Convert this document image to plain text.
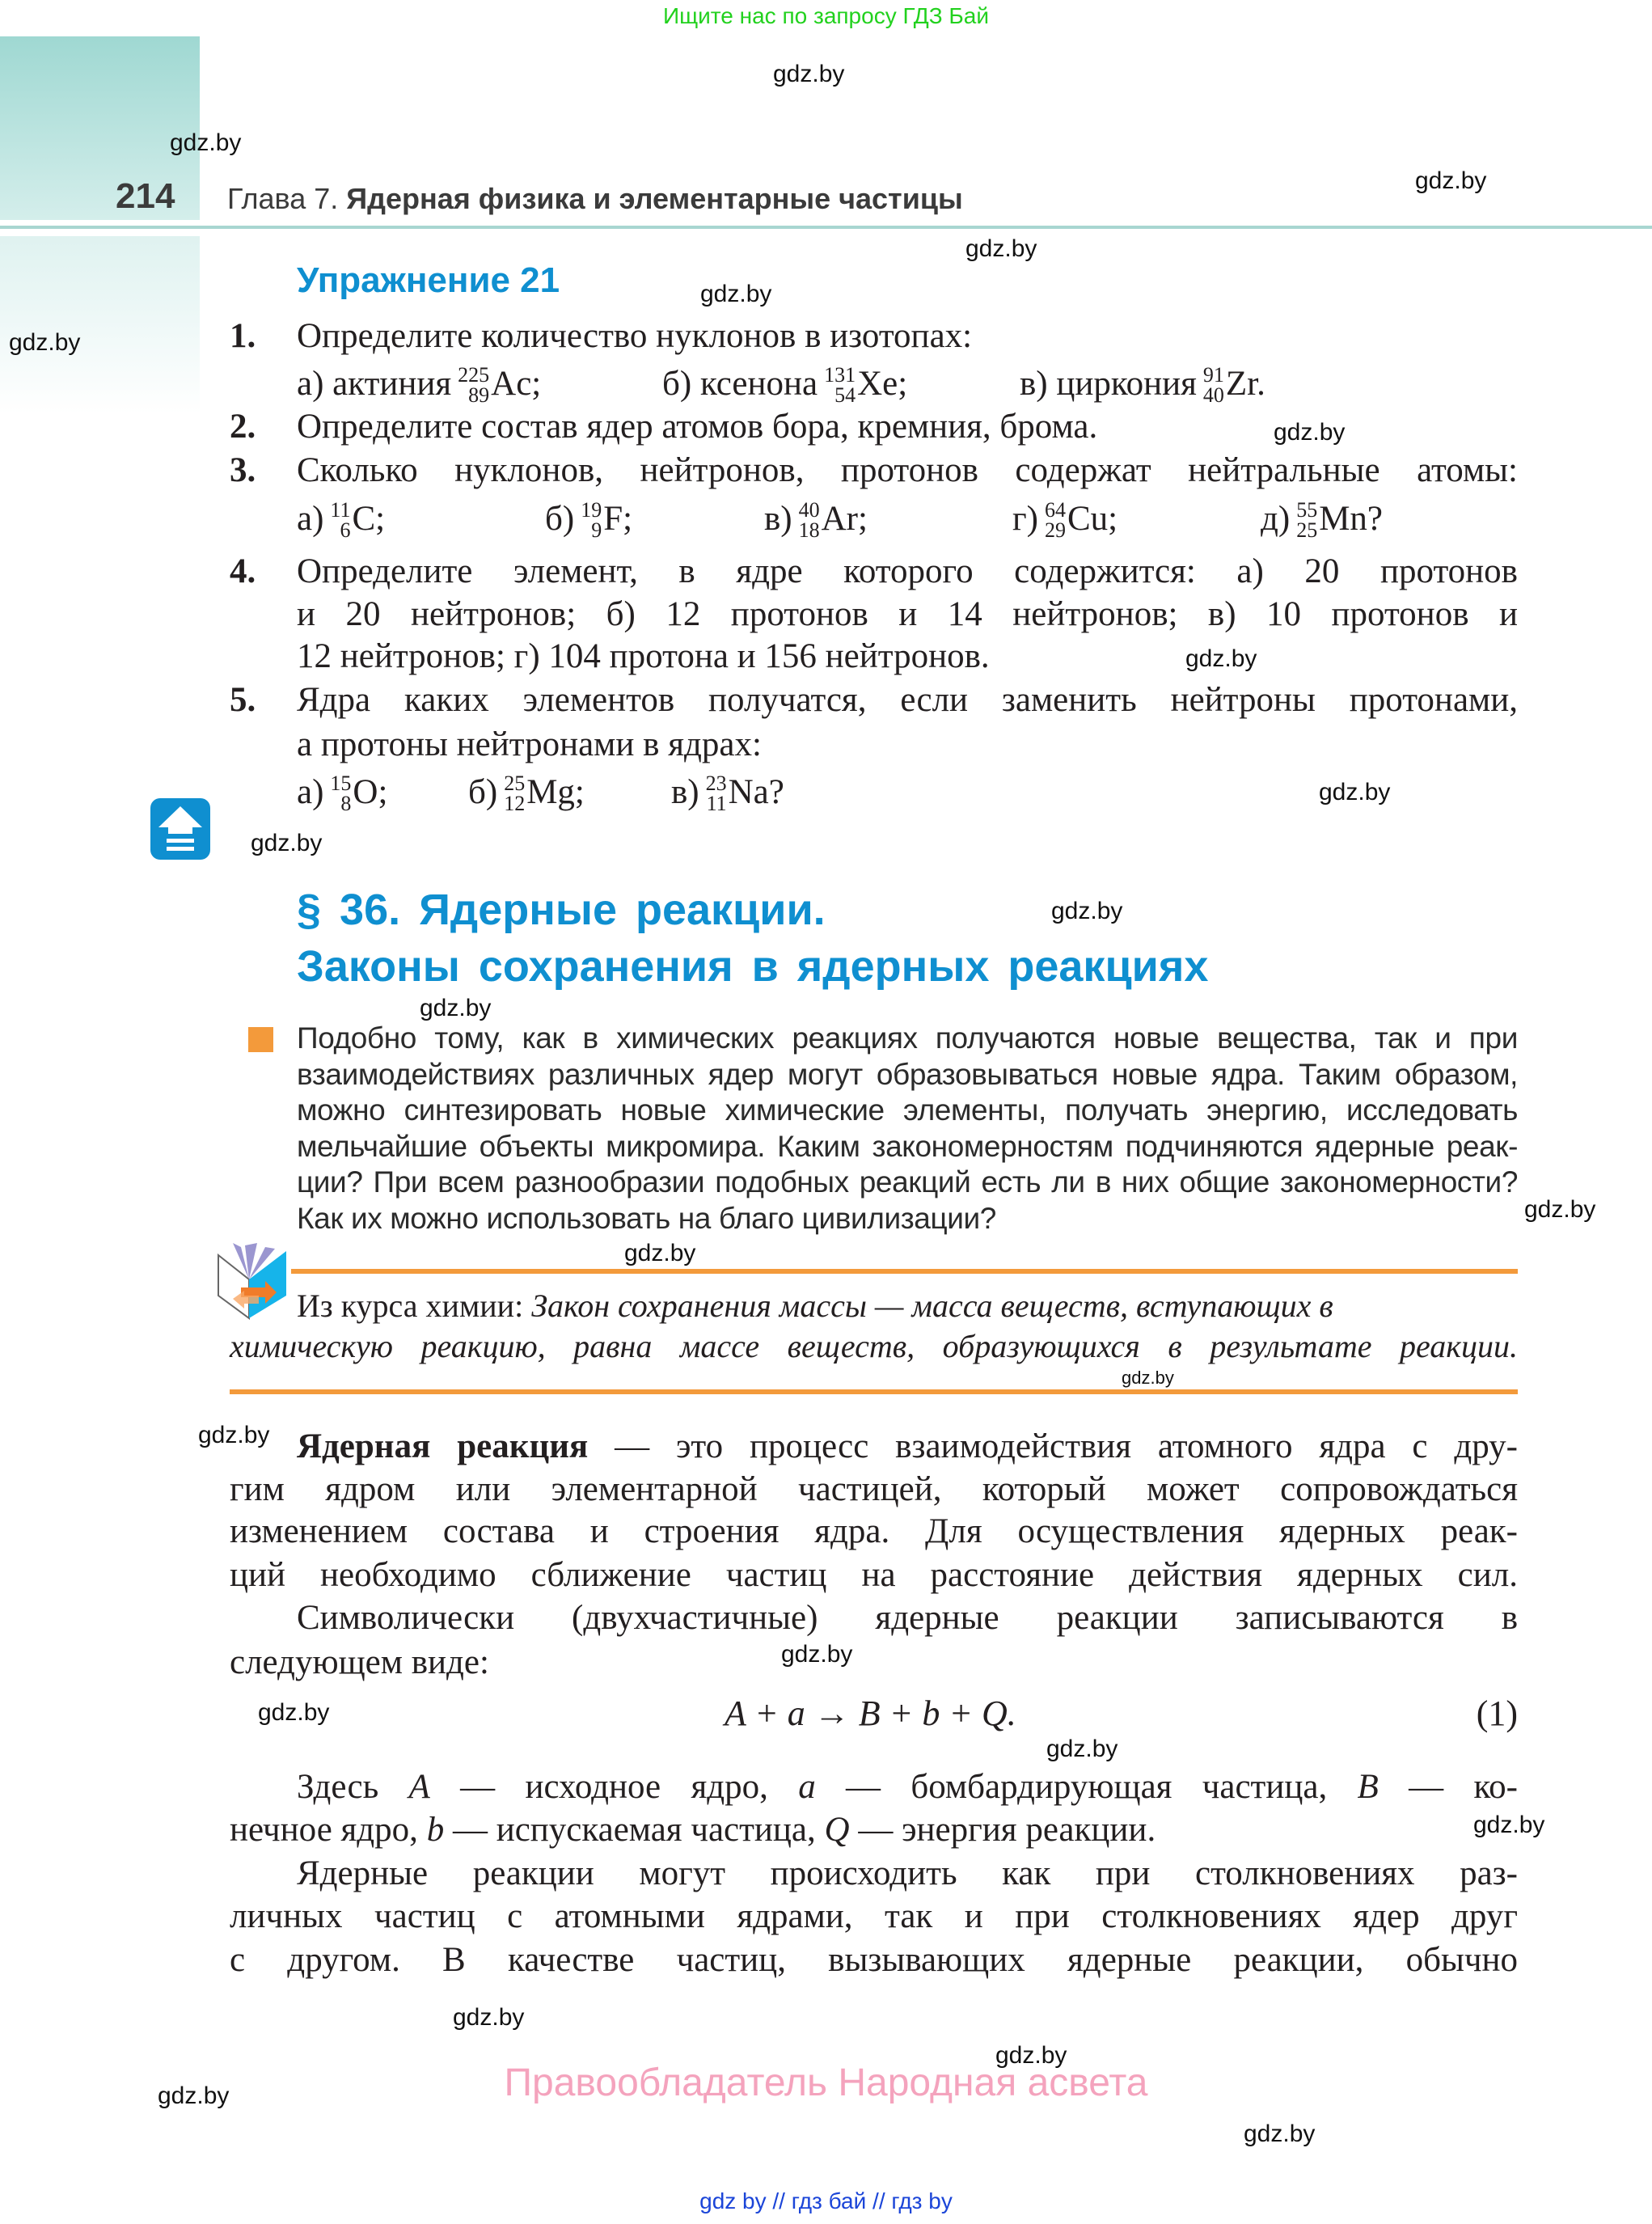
Ищите нас по запросу ГДЗ Бай
214 Глава 7. Ядерная физика и элементарные частицы
Упражнение 21
1. Определите количество нуклонов в изотопах:
2. Определите состав ядер атомов бора, кремния, брома.
3. Сколько нуклонов, нейтронов, протонов содержат нейтральные атомы:
4. Определите элемент, в ядре которого содержится: а) 20 протонов
и 20 нейтронов; б) 12 протонов и 14 нейтронов; в) 10 протонов и
12 нейтронов; г) 104 протона и 156 нейтронов.
5. Ядра каких элементов получатся, если заменить нейтроны протонами,
а протоны нейтронами в ядрах:
§ 36. Ядерные реакции.
Законы сохранения в ядерных реакциях
Из курса химии: Закон сохранения массы — масса веществ, вступающих в
химическую реакцию, равна массе веществ, образующихся в результате реакции.
A + a → B + b + Q.	(1)
Правообладатель Народная асвета
gdz by // гдз бай // гдз by
а) актиния 225
89 Ac;	б) ксенона 131
54 Xe;	в) циркония 91
40 Zr.
а) 11
6 C;	б) 19
9 F;	в) 40
18 Ar;	г) 64
29 Cu;	д) 55
25 Mn?
а) 15
8 O; б) 25
12 Mg; в) 23
11 Na?
Подобно тому, как в химических реакциях получаются новые вещества, так и при
взаимодействиях различных ядер могут образовываться новые ядра. Таким образом,
можно синтезировать новые химические элементы, получать энергию, исследовать
мельчайшие объекты микромира. Каким закономерностям подчиняются ядерные реак-
ции? При всем разнообразии подобных реакций есть ли в них общие закономерности?
Как их можно использовать на благо цивилизации?
Ядерная реакция — это процесс взаимодействия атомного ядра с дру-
гим ядром или элементарной частицей, который может сопровождаться
изменением состава и строения ядра. Для осуществления ядерных реак-
ций необходимо сближение частиц на расстояние действия ядерных сил.
Символически (двухчастичные) ядерные реакции записываются в
следующем виде:
Здесь A — исходное ядро, a — бомбардирующая частица, B — ко-
нечное ядро, b — испускаемая частица, Q — энергия реакции.
Ядерные реакции могут происходить как при столкновениях раз-
личных частиц с атомными ядрами, так и при столкновениях ядер друг
с другом. В качестве частиц, вызывающих ядерные реакции, обычно
gdz.by
gdz.by
gdz.by
gdz.by
gdz.by
gdz.by
gdz.by
gdz.by
gdz.by
gdz.by
gdz.by
gdz.by
gdz.by
gdz.by
gdz.by
gdz.by
gdz.by
gdz.by
gdz.by
gdz.by
gdz.by
gdz.by
gdz.by
gdz.by
